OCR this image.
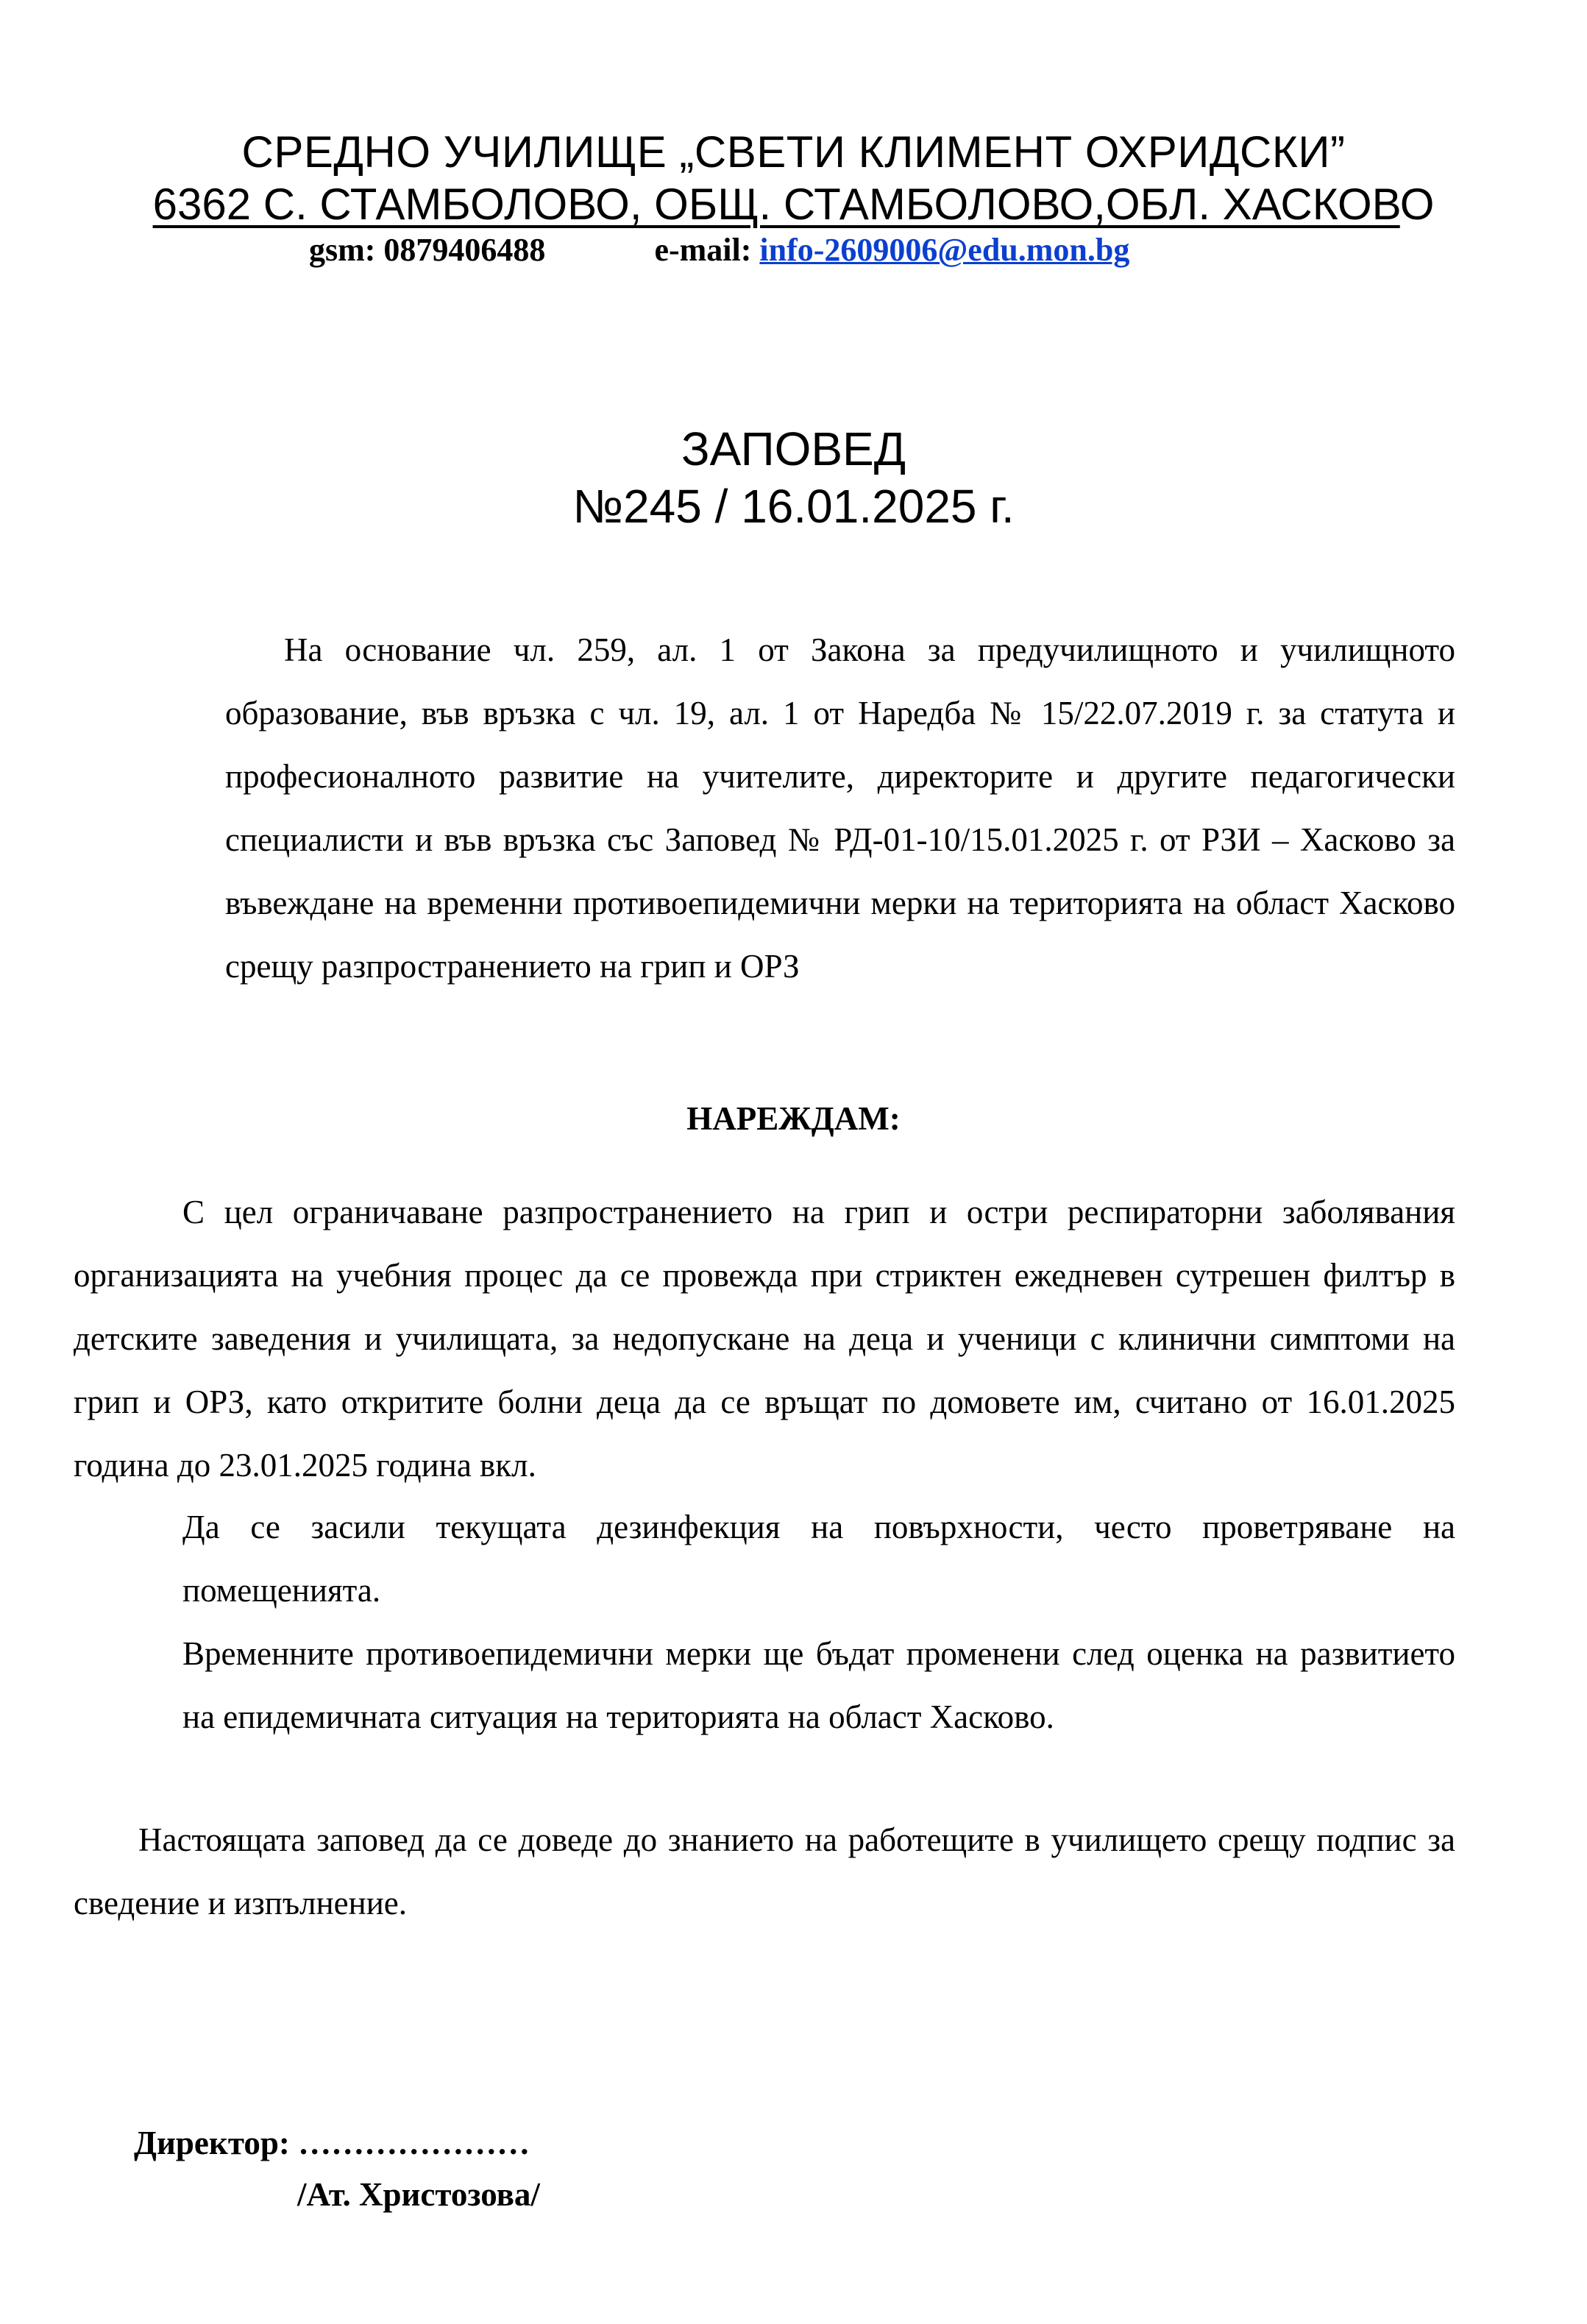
СРЕДНО УЧИЛИЩЕ „СВЕТИ КЛИМЕНТ ОХРИДСКИ”
6362 С. СТАМБОЛОВО, ОБЩ. СТАМБОЛОВО,ОБЛ. ХАСКОВО
gsm: 0879406488	e-mail: info-2609006@edu.mon.bg
ЗАПОВЕД
№245 / 16.01.2025 г.
На основание чл. 259, ал. 1 от Закона за предучилищното и училищното образование, във връзка с чл. 19, ал. 1 от Наредба № 15/22.07.2019 г. за статута и професионалното развитие на учителите, директорите и другите педагогически специалисти и във връзка със Заповед № РД-01-10/15.01.2025 г. от РЗИ – Хасково за въвеждане на временни противоепидемични мерки на територията на област Хасково срещу разпространението на грип и ОРЗ
НАРЕЖДАМ:
С цел ограничаване разпространението на грип и остри респираторни заболявания организацията на учебния процес да се провежда при стриктен ежедневен сутрешен филтър в детските заведения и училищата, за недопускане на деца и ученици с клинични симптоми на грип и ОРЗ, като откритите болни деца да се връщат по домовете им, считано от 16.01.2025 година до 23.01.2025 година вкл.
Да се засили текущата дезинфекция на повърхности, често проветряване на помещенията.
Временните противоепидемични мерки ще бъдат променени след оценка на развитието на епидемичната ситуация на територията на област Хасково.
Настоящата заповед да се доведе до знанието на работещите в училището срещу подпис за сведение и изпълнение.
Директор: …………………
/Ат. Христозова/
